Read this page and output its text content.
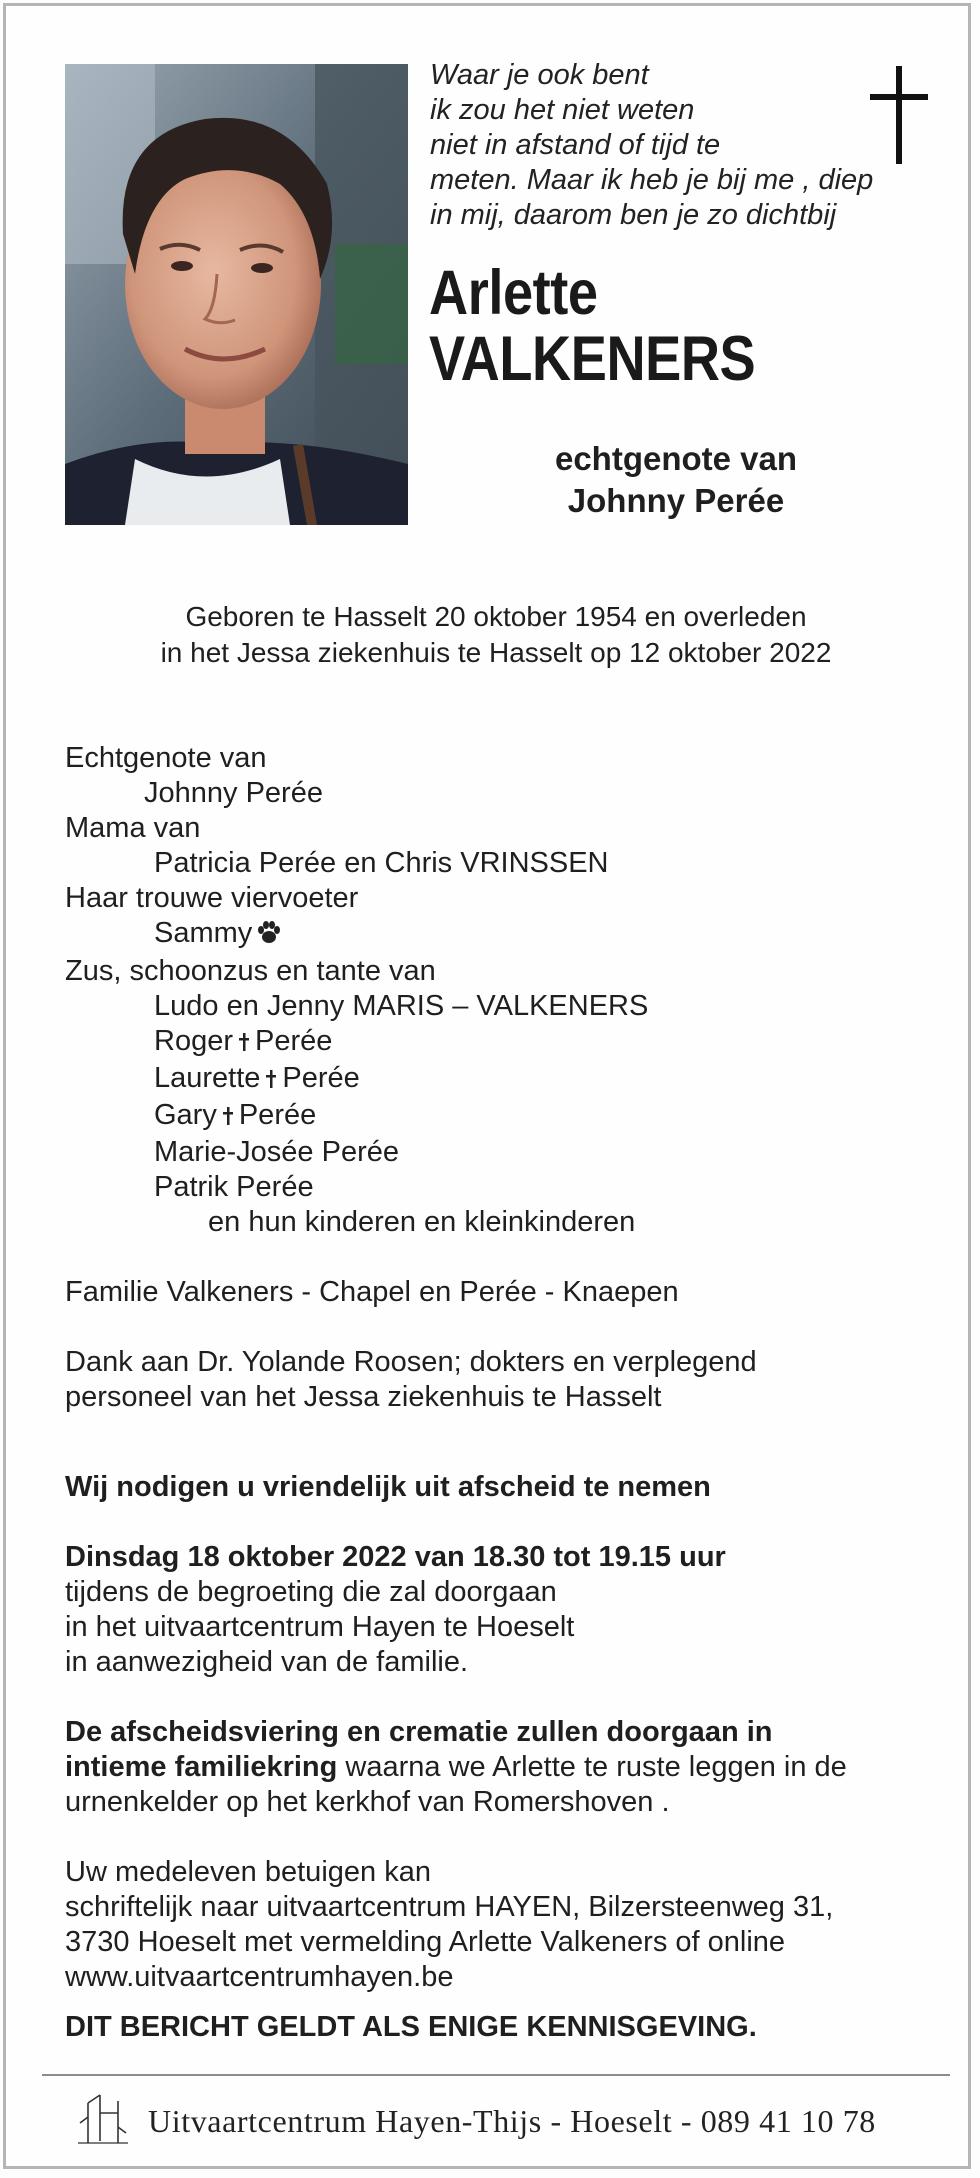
Waar je ook bent
ik zou het niet weten
niet in afstand of tijd te
meten. Maar ik heb je bij me , diep
in mij, daarom ben je zo dichtbij
Arlette
VALKENERS
echtgenote van
Johnny Perée
Geboren te Hasselt 20 oktober 1954 en overleden
in het Jessa ziekenhuis te Hasselt op 12 oktober 2022
Echtgenote van
Johnny Perée
Mama van
Patricia Perée en Chris VRINSSEN
Haar trouwe viervoeter
Sammy
Zus, schoonzus en tante van
Ludo en Jenny MARIS – VALKENERS
Roger Perée
Laurette Perée
Gary Perée
Marie-Josée Perée
Patrik Perée
en hun kinderen en kleinkinderen
Familie Valkeners - Chapel en Perée - Knaepen
Dank aan Dr. Yolande Roosen; dokters en verplegend
personeel van het Jessa ziekenhuis te Hasselt
Wij nodigen u vriendelijk uit afscheid te nemen
Dinsdag 18 oktober 2022 van 18.30 tot 19.15 uur
tijdens de begroeting die zal doorgaan
in het uitvaartcentrum Hayen te Hoeselt
in aanwezigheid van de familie.
De afscheidsviering en crematie zullen doorgaan in
intieme familiekring waarna we Arlette te ruste leggen in de
urnenkelder op het kerkhof van Romershoven .
Uw medeleven betuigen kan
schriftelijk naar uitvaartcentrum HAYEN, Bilzersteenweg 31,
3730 Hoeselt met vermelding Arlette Valkeners of online
www.uitvaartcentrumhayen.be
DIT BERICHT GELDT ALS ENIGE KENNISGEVING.
Uitvaartcentrum Hayen-Thijs - Hoeselt - 089 41 10 78
